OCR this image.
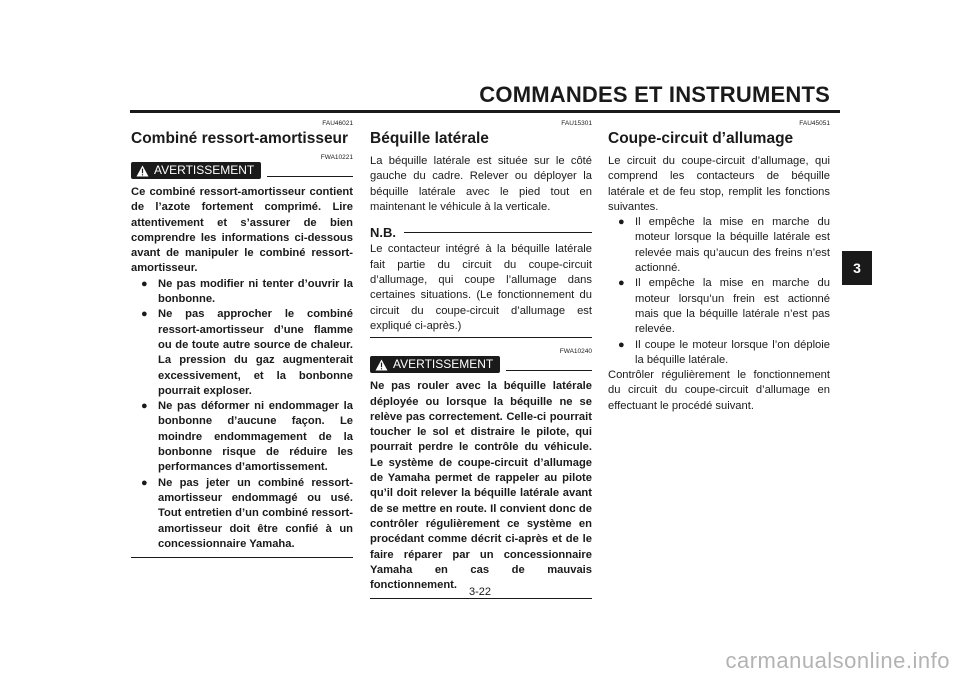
COMMANDES ET INSTRUMENTS
3
FAU46021
Combiné ressort-amortisseur
FWA10221
AVERTISSEMENT

Ce combiné ressort-amortisseur contient de l’azote fortement comprimé. Lire attentivement et s’assurer de bien comprendre les informations ci-dessous avant de manipuler le combiné ressort-amortisseur.

● Ne pas modifier ni tenter d’ouvrir la bonbonne.
● Ne pas approcher le combiné ressort-amortisseur d’une flamme ou de toute autre source de chaleur. La pression du gaz augmenterait excessivement, et la bonbonne pourrait exploser.
● Ne pas déformer ni endommager la bonbonne d’aucune façon. Le moindre endommagement de la bonbonne risque de réduire les performances d’amortissement.
● Ne pas jeter un combiné ressort-amortisseur endommagé ou usé. Tout entretien d’un combiné ressort-amortisseur doit être confié à un concessionnaire Yamaha.
FAU15301
Béquille latérale

La béquille latérale est située sur le côté gauche du cadre. Relever ou déployer la béquille latérale avec le pied tout en maintenant le véhicule à la verticale.

N.B.

Le contacteur intégré à la béquille latérale fait partie du circuit du coupe-circuit d’allumage, qui coupe l’allumage dans certaines situations. (Le fonctionnement du circuit du coupe-circuit d’allumage est expliqué ci-après.)

FWA10240
AVERTISSEMENT

Ne pas rouler avec la béquille latérale déployée ou lorsque la béquille ne se relève pas correctement. Celle-ci pourrait toucher le sol et distraire le pilote, qui pourrait perdre le contrôle du véhicule. Le système de coupe-circuit d’allumage de Yamaha permet de rappeler au pilote qu’il doit relever la béquille latérale avant de se mettre en route. Il convient donc de contrôler régulièrement ce système en procédant comme décrit ci-après et de le faire réparer par un concessionnaire Yamaha en cas de mauvais fonctionnement.

FAU45051
Coupe-circuit d’allumage

Le circuit du coupe-circuit d’allumage, qui comprend les contacteurs de béquille latérale et de feu stop, remplit les fonctions suivantes.

● Il empêche la mise en marche du moteur lorsque la béquille latérale est relevée mais qu’aucun des freins n’est actionné.
● Il empêche la mise en marche du moteur lorsqu’un frein est actionné mais que la béquille latérale n’est pas relevée.
● Il coupe le moteur lorsque l’on déploie la béquille latérale.

Contrôler régulièrement le fonctionnement du circuit du coupe-circuit d’allumage en effectuant le procédé suivant.

3-22
carmanualsonline.info
